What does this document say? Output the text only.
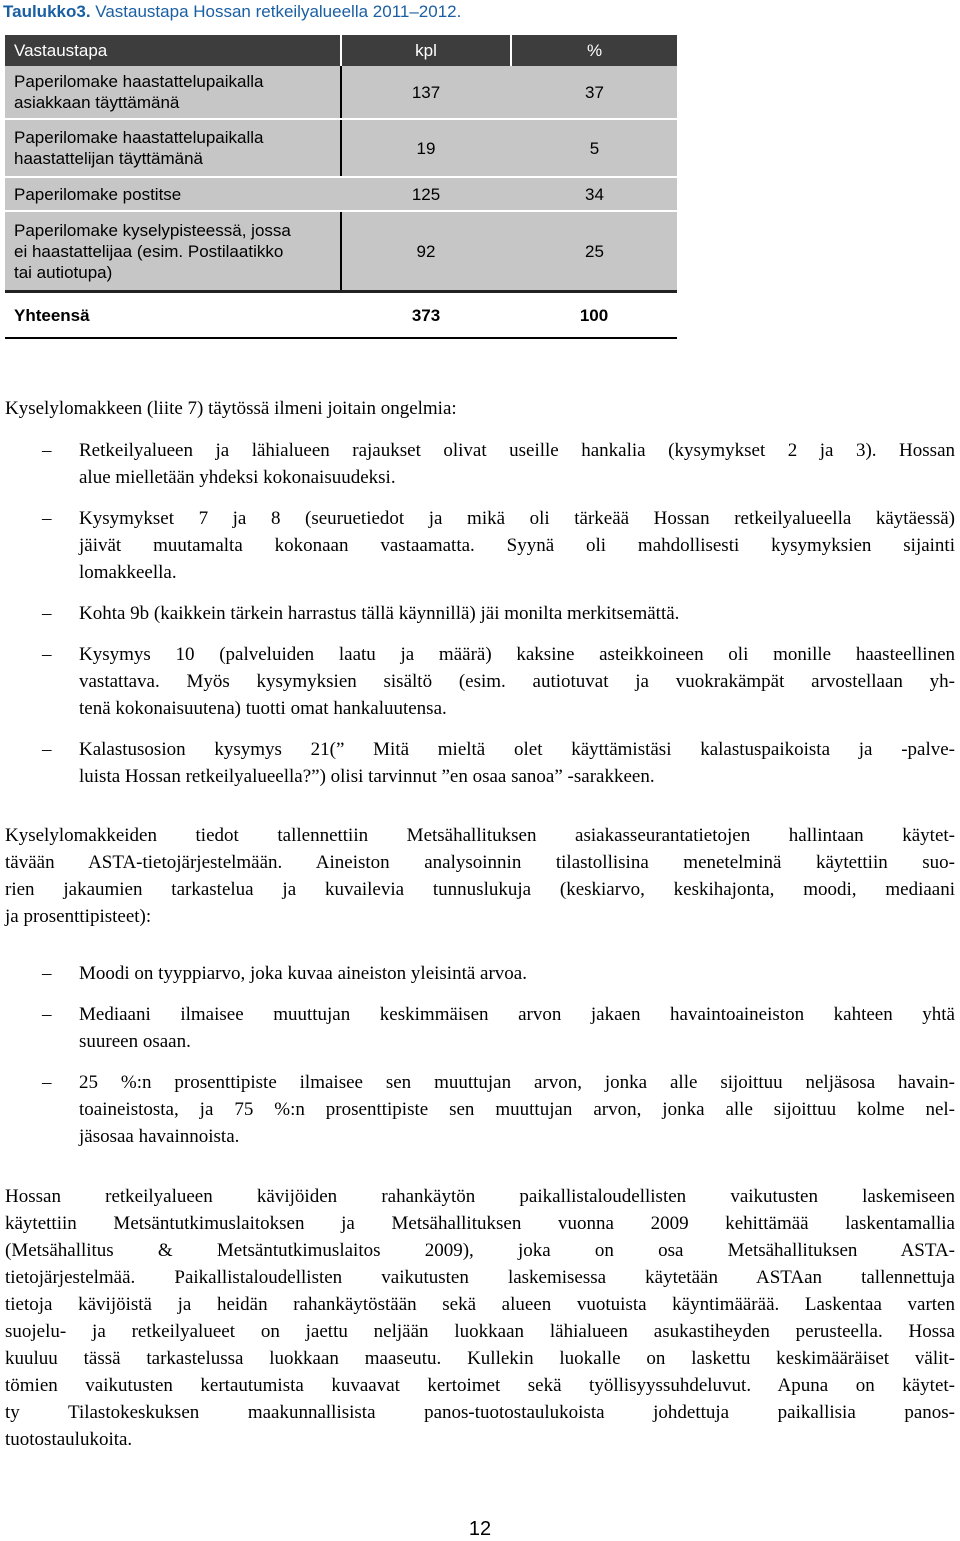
Taulukko3. Vastaustapa Hossan retkeilyalueella 2011–2012.
Vastaustapa	kpl	%

Paperilomake haastattelupaikalla
asiakkaan täyttämänä	137	37

Paperilomake haastattelupaikalla
haastattelijan täyttämänä	19	5

Paperilomake postitse	125	34

Paperilomake kyselypisteessä, jossa
ei haastattelijaa (esim. Postilaatikko
tai autiotupa)	92	25
Yhteensä	373	100
Kyselylomakkeen (liite 7) täytössä ilmeni joitain ongelmia:
– Retkeilyalueen ja lähialueen rajaukset olivat useille hankalia (kysymykset 2 ja 3). Hossan
alue mielletään yhdeksi kokonaisuudeksi.
– Kysymykset 7 ja 8 (seuruetiedot ja mikä oli tärkeää Hossan retkeilyalueella käytäessä)
jäivät muutamalta kokonaan vastaamatta. Syynä oli mahdollisesti kysymyksien sijainti
lomakkeella.
– Kohta 9b (kaikkein tärkein harrastus tällä käynnillä) jäi monilta merkitsemättä.
– Kysymys 10 (palveluiden laatu ja määrä) kaksine asteikkoineen oli monille haasteellinen
vastattava. Myös kysymyksien sisältö (esim. autiotuvat ja vuokrakämpät arvostellaan yh-
tenä kokonaisuutena) tuotti omat hankaluutensa.
– Kalastusosion kysymys 21(” Mitä mieltä olet käyttämistäsi kalastuspaikoista ja -palve-
luista Hossan retkeilyalueella?”) olisi tarvinnut ”en osaa sanoa” -sarakkeen.
Kyselylomakkeiden tiedot tallennettiin Metsähallituksen asiakasseurantatietojen hallintaan käytet-
tävään ASTA-tietojärjestelmään. Aineiston analysoinnin tilastollisina menetelminä käytettiin suo-
rien jakaumien tarkastelua ja kuvailevia tunnuslukuja (keskiarvo, keskihajonta, moodi, mediaani
ja prosenttipisteet):
– Moodi on tyyppiarvo, joka kuvaa aineiston yleisintä arvoa.
– Mediaani ilmaisee muuttujan keskimmäisen arvon jakaen havaintoaineiston kahteen yhtä
suureen osaan.
– 25 %:n prosenttipiste ilmaisee sen muuttujan arvon, jonka alle sijoittuu neljäsosa havain-
toaineistosta, ja 75 %:n prosenttipiste sen muuttujan arvon, jonka alle sijoittuu kolme nel-
jäsosaa havainnoista.
Hossan retkeilyalueen kävijöiden rahankäytön paikallistaloudellisten vaikutusten laskemiseen
käytettiin Metsäntutkimuslaitoksen ja Metsähallituksen vuonna 2009 kehittämää laskentamallia
(Metsähallitus & Metsäntutkimuslaitos 2009), joka on osa Metsähallituksen ASTA-
tietojärjestelmää. Paikallistaloudellisten vaikutusten laskemisessa käytetään ASTAan tallennettuja
tietoja kävijöistä ja heidän rahankäytöstään sekä alueen vuotuista käyntimäärää. Laskentaa varten
suojelu- ja retkeilyalueet on jaettu neljään luokkaan lähialueen asukastiheyden perusteella. Hossa
kuuluu tässä tarkastelussa luokkaan maaseutu. Kullekin luokalle on laskettu keskimääräiset välit-
tömien vaikutusten kertautumista kuvaavat kertoimet sekä työllisyyssuhdeluvut. Apuna on käytet-
ty Tilastokeskuksen maakunnallisista panos-tuotostaulukoista johdettuja paikallisia panos-
tuotostaulukoita.
12
